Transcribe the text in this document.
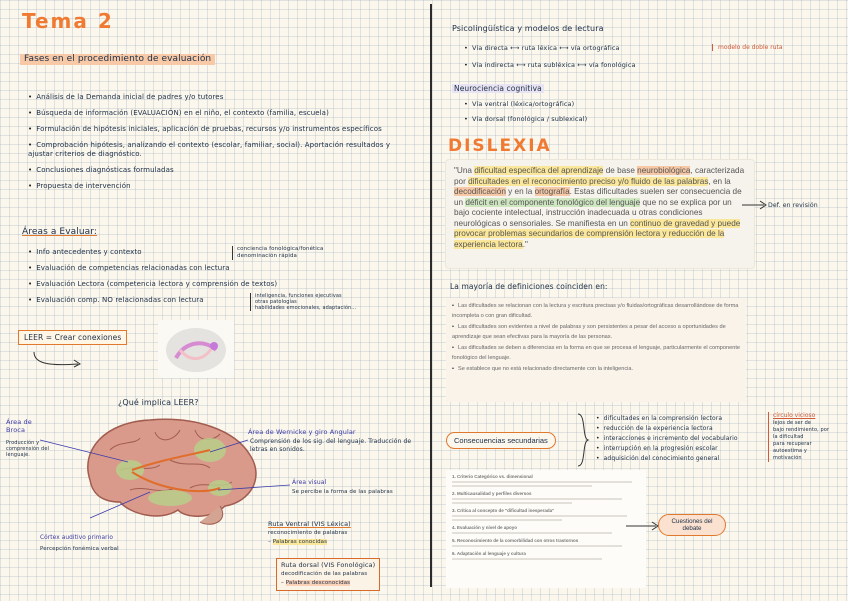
Tema 2
Fases en el procedimiento de evaluación
• Análisis de la Demanda inicial de padres y/o tutores
• Búsqueda de información (EVALUACIÓN) en el niño, el contexto (familia, escuela)
• Formulación de hipótesis iniciales, aplicación de pruebas, recursos y/o instrumentos específicos
• Comprobación hipótesis, analizando el contexto (escolar, familiar, social). Aportación resultados y ajustar criterios de diagnóstico.
• Conclusiones diagnósticas formuladas
• Propuesta de intervención
Áreas a Evaluar:
• Info antecedentes y contexto
• Evaluación de competencias relacionadas con lectura
• Evaluación Lectora (competencia lectora y comprensión de textos)
• Evaluación comp. NO relacionadas con lectura
conciencia fonológica/fonética
denominación rápida
inteligencia, funciones ejecutivas
otras patologías
habilidades emocionales, adaptación...
LEER = Crear conexiones
¿Qué implica LEER?
Área de Broca
Producción y comprensión del lenguaje.
Área de Wernicke y giro Angular
Comprensión de los sig. del lenguaje. Traducción de letras en sonidos.
Área visual
Se percibe la forma de las palabras
Córtex auditivo primario
Percepción fonémica verbal
Ruta Ventral (VIS Léxica)
reconocimiento de palabras
– Palabras conocidas
Ruta dorsal (VIS Fonológica)
decodificación de las palabras
– Palabras desconocidas
Psicolingüística y modelos de lectura
• Vía directa ⟷ ruta léxica ⟷ vía ortográfica
• Vía indirecta ⟷ ruta subléxica ⟷ vía fonológica
modelo de doble ruta
Neurociencia cognitiva
• Vía ventral (léxica/ortográfica)
• Vía dorsal (fonológica / sublexical)
DISLEXIA
"Una dificultad específica del aprendizaje de base neurobiológica, caracterizada por dificultades en el reconocimiento preciso y/o fluido de las palabras, en la decodificación y en la ortografía. Estas dificultades suelen ser consecuencia de un déficit en el componente fonológico del lenguaje que no se explica por un bajo cociente intelectual, instrucción inadecuada u otras condiciones neurológicas o sensoriales. Se manifiesta en un continuo de gravedad y puede provocar problemas secundarios de comprensión lectora y reducción de la experiencia lectora."
Def. en revisión
La mayoría de definiciones coinciden en:
• Las dificultades se relacionan con la lectura y escritura precisas y/o fluidas/ortográficas desarrollándose de forma incompleta o con gran dificultad.
• Las dificultades son evidentes a nivel de palabras y son persistentes a pesar del acceso a oportunidades de aprendizaje que sean efectivas para la mayoría de las personas.
• Las dificultades se deben a diferencias en la forma en que se procesa el lenguaje, particularmente el componente fonológico del lenguaje.
• Se establece que no está relacionado directamente con la inteligencia.
Consecuencias secundarias
• dificultades en la comprensión lectora
• reducción de la experiencia lectora
• interacciones e incremento del vocabulario
• interrupción en la progresión escolar
• adquisición del conocimiento general
círculo vicioso
lejos de ser de
bajo rendimiento, por
la dificultad
para recuperar
autoestima y
motivación
1. Criterio Categórico vs. dimensional
2. Multicausalidad y perfiles diversos
3. Crítica al concepto de "dificultad inesperada"
4. Evaluación y nivel de apoyo
5. Reconocimiento de la comorbilidad con otros trastornos
6. Adaptación al lenguaje y cultura
Cuestiones del debate
